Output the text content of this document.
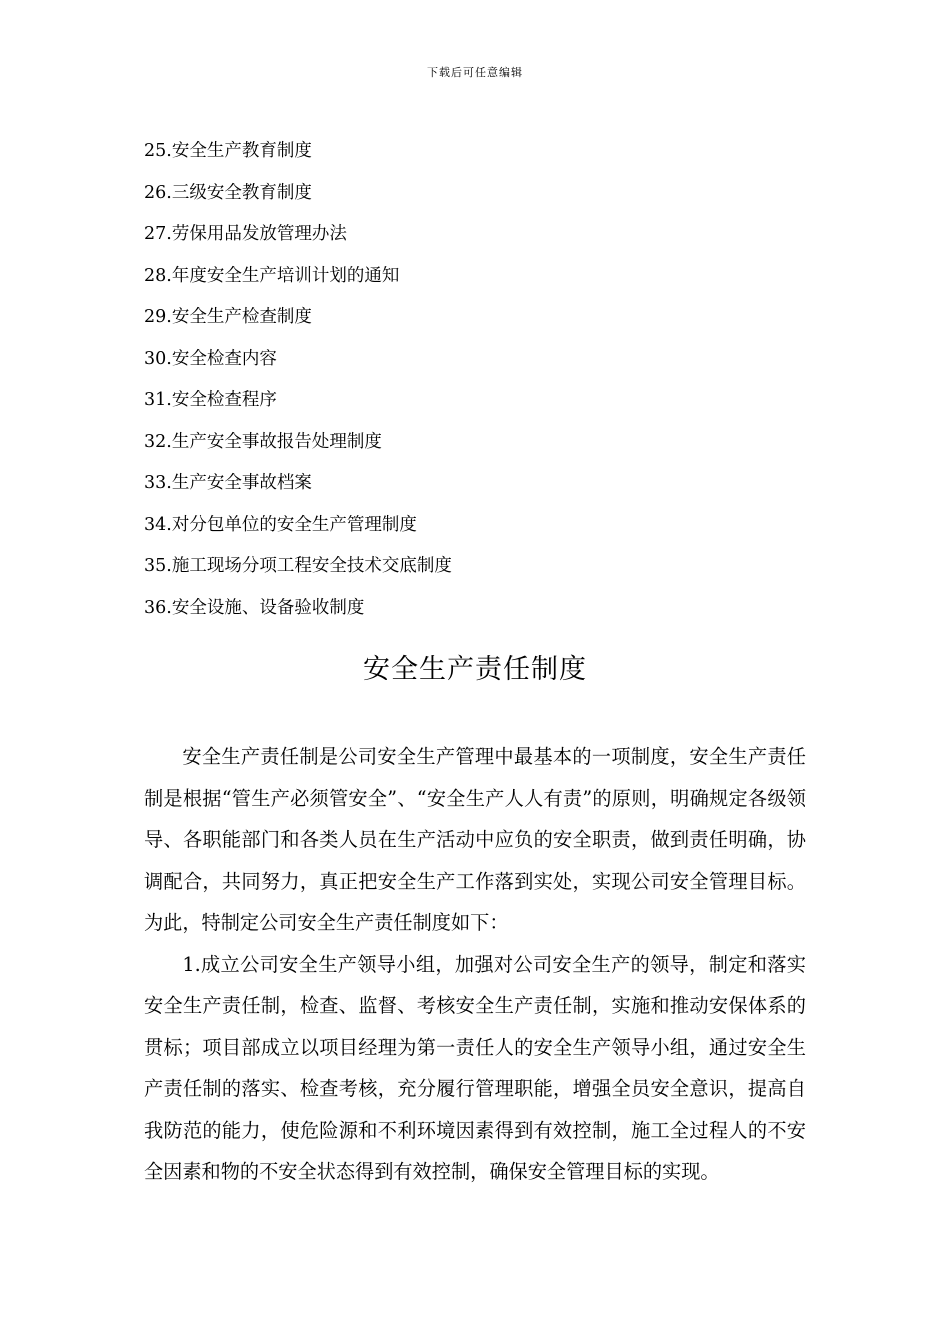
下载后可任意编辑
25.安全生产教育制度
26.三级安全教育制度
27.劳保用品发放管理办法
28.年度安全生产培训计划的通知
29.安全生产检查制度
30.安全检查内容
31.安全检查程序
32.生产安全事故报告处理制度
33.生产安全事故档案
34.对分包单位的安全生产管理制度
35.施工现场分项工程安全技术交底制度
36.安全设施、设备验收制度
安全生产责任制度

安全生产责任制是公司安全生产管理中最基本的一项制度，安全生产责任制是根据“管生产必须管安全”、“安全生产人人有责”的原则，明确规定各级领导、各职能部门和各类人员在生产活动中应负的安全职责，做到责任明确，协调配合，共同努力，真正把安全生产工作落到实处，实现公司安全管理目标。为此，特制定公司安全生产责任制度如下：

1.成立公司安全生产领导小组，加强对公司安全生产的领导，制定和落实安全生产责任制，检查、监督、考核安全生产责任制，实施和推动安保体系的贯标；项目部成立以项目经理为第一责任人的安全生产领导小组，通过安全生产责任制的落实、检查考核，充分履行管理职能，增强全员安全意识，提高自我防范的能力，使危险源和不利环境因素得到有效控制，施工全过程人的不安全因素和物的不安全状态得到有效控制，确保安全管理目标的实现。
